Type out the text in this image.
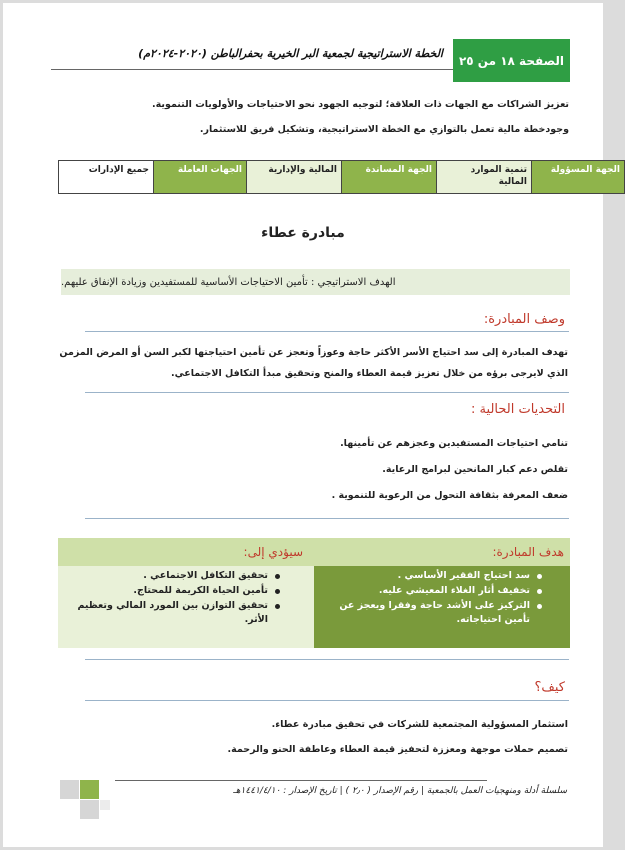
الصفحة ١٨ من ٢٥
الخطة الاستراتيجية لجمعية البر الخيرية بحفرالباطن (٢٠٢٠-٢٠٢٤م)
تعزيز الشراكات مع الجهات ذات العلاقة؛ لتوجيه الجهود نحو الاحتياجات والأولويات التنموية.
وجودخطة مالية تعمل بالتوازي مع الخطة الاستراتيجية، وتشكيل فريق للاستثمار.
الجهة المسؤولة	تنمية الموارد المالية	الجهة المساندة	المالية والإدارية	الجهات العاملة	جميع الإدارات
مبادرة عطاء
الهدف الاستراتيجي : تأمين الاحتياجات الأساسية للمستفيدين وزيادة الإنفاق عليهم.
وصف المبادرة:
تهدف المبادرة إلى سد احتياج الأسر الأكثر حاجة وعوزاً وتعجز عن تأمين احتياجتها لكبر السن أو المرض المزمن
الذي لايرجى برؤه من خلال تعزيز قيمة العطاء والمنح وتحقيق مبدأ التكافل الاجتماعي.
التحديات الحالية :
تنامي احتياجات المستفيدين وعجزهم عن تأمينها.
تقلص دعم كبار المانحين لبرامج الرعاية.
ضعف المعرفة بثقافة التحول من الرعوية للتنموية .
سيؤدي إلى:
تحقيق التكافل الاجتماعي .
تأمين الحياة الكريمة للمحتاج.
تحقيق التوازن بين المورد المالي وتعظيم الأثر.
هدف المبادرة:
سد احتياج الفقير الأساسي .
تخفيف أثار الغلاء المعيشي عليه.
التركيز على الأشد حاجة وفقرا ويعجز عن تأمين احتياجاته.
كيف؟
استثمار المسؤولية المجتمعية للشركات في تحقيق مبادرة عطاء.
تصميم حملات موجهة ومعززة لتحفيز قيمة العطاء وعاطفة الحنو والرحمة.
سلسلة أدلة ومنهجيات العمل بالجمعية | رقم الإصدار ( ٢٫٠ ) | تاريخ الإصدار : ١٤٤١/٤/١٠هـ
